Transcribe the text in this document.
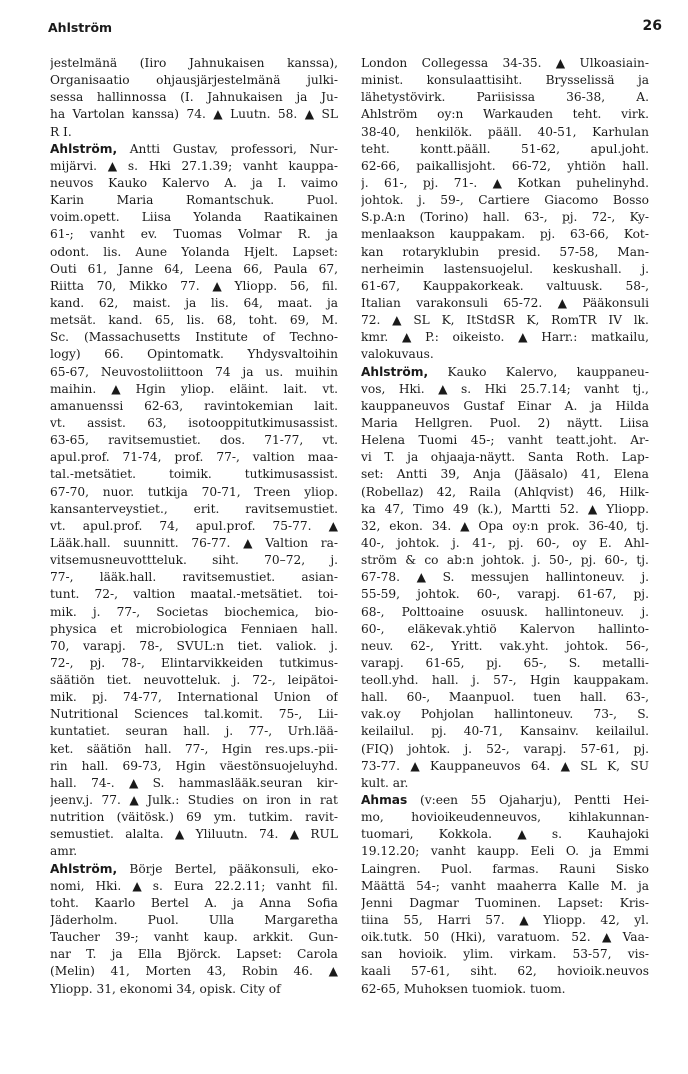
Ahlström	26
jestelmänä (Iiro Jahnukaisen kanssa),
Organisaatio ohjausjärjestelmänä julki-
sessa hallinnossa (I. Jahnukaisen ja Ju-
ha Vartolan kanssa) 74. ▲ Luutn. 58. ▲ SL
R I.
Ahlström, Antti Gustav, professori, Nur-
mijärvi. ▲ s. Hki 27.1.39; vanht kauppa-
neuvos Kauko Kalervo A. ja I. vaimo
Karin	Maria	Romantschuk.	Puol.
voim.opett. Liisa Yolanda Raatikainen
61-; vanht ev. Tuomas Volmar R. ja
odont. lis. Aune Yolanda Hjelt. Lapset:
Outi 61, Janne 64, Leena 66, Paula 67,
Riitta 70, Mikko 77. ▲ Yliopp. 56, fil.
kand. 62, maist. ja lis. 64, maat. ja
metsät. kand. 65, lis. 68, toht. 69, M.
Sc. (Massachusetts Institute of Techno-
logy) 66. Opintomatk. Yhdysvaltoihin
65-67, Neuvostoliittoon 74 ja us. muihin
maihin. ▲ Hgin yliop. eläint. lait. vt.
amanuenssi 62-63, ravintokemian lait.
vt. assist. 63, isotooppitutkimusassist.
63-65, ravitsemustiet. dos. 71-77, vt.
apul.prof. 71-74, prof. 77-, valtion maa-
tal.-metsätiet.	toimik.	tutkimusassist.
67-70, nuor. tutkija 70-71, Treen yliop.
kansanterveystiet., erit. ravitsemustiet.
vt. apul.prof. 74, apul.prof. 75-77. ▲
Lääk.hall. suunnitt. 76-77. ▲ Valtion ra-
vitsemusneuvottteluk. siht. 70–72, j.
77-, lääk.hall. ravitsemustiet. asian-
tunt. 72-, valtion maatal.-metsätiet. toi-
mik. j. 77-, Societas biochemica, bio-
physica et microbiologica Fenniaen hall.
70, varapj. 78-, SVUL:n tiet. valiok. j.
72-, pj. 78-, Elintarvikkeiden tutkimus-
säätiön tiet. neuvotteluk. j. 72-, leipätoi-
mik. pj. 74-77, International Union of
Nutritional Sciences tal.komit. 75-, Lii-
kuntatiet. seuran hall. j. 77-, Urh.lää-
ket. säätiön hall. 77-, Hgin res.ups.-pii-
rin hall. 69-73, Hgin väestönsuojeluyhd.
hall. 74-. ▲ S. hammaslääk.seuran kir-
jeenv.j. 77. ▲ Julk.: Studies on iron in rat
nutrition (väitösk.) 69 ym. tutkim. ravit-
semustiet. alalta. ▲ Yliluutn. 74. ▲ RUL
amr.
Ahlström, Börje Bertel, pääkonsuli, eko-
nomi, Hki. ▲ s. Eura 22.2.11; vanht fil.
toht. Kaarlo Bertel A. ja Anna Sofia
Jäderholm. Puol. Ulla Margaretha
Taucher 39-; vanht kaup. arkkit. Gun-
nar T. ja Ella Björck. Lapset: Carola
(Melin) 41, Morten 43, Robin 46. ▲
Yliopp. 31, ekonomi 34, opisk. City of
London Collegessa 34-35. ▲ Ulkoasiain-
minist. konsulaattisiht. Brysselissä ja
lähetystövirk.	Pariisissa	36-38,	A.
Ahlström oy:n Warkauden teht. virk.
38-40, henkilök. pääll. 40-51, Karhulan
teht.	kontt.pääll.	51-62,	apul.joht.
62-66, paikallisjoht. 66-72, yhtiön hall.
j. 61-, pj. 71-. ▲ Kotkan puhelinyhd.
johtok. j. 59-, Cartiere Giacomo Bosso
S.p.A:n (Torino) hall. 63-, pj. 72-, Ky-
menlaakson kauppakam. pj. 63-66, Kot-
kan rotaryklubin presid. 57-58, Man-
nerheimin lastensuojelul. keskushall. j.
61-67, Kauppakorkeak. valtuusk. 58-,
Italian varakonsuli 65-72. ▲ Pääkonsuli
72. ▲ SL K, ItStdSR K, RomTR IV lk.
kmr. ▲ P.: oikeisto. ▲ Harr.: matkailu,
valokuvaus.
Ahlström, Kauko Kalervo, kauppaneu-
vos, Hki. ▲ s. Hki 25.7.14; vanht tj.,
kauppaneuvos Gustaf Einar A. ja Hilda
Maria Hellgren. Puol. 2) näytt. Liisa
Helena Tuomi 45-; vanht teatt.joht. Ar-
vi T. ja ohjaaja-näytt. Santa Roth. Lap-
set: Antti 39, Anja (Jääsalo) 41, Elena
(Robellaz) 42, Raila (Ahlqvist) 46, Hilk-
ka 47, Timo 49 (k.), Martti 52. ▲ Yliopp.
32, ekon. 34. ▲ Opa oy:n prok. 36-40, tj.
40-, johtok. j. 41-, pj. 60-, oy E. Ahl-
ström & co ab:n johtok. j. 50-, pj. 60-, tj.
67-78. ▲ S. messujen hallintoneuv. j.
55-59, johtok. 60-, varapj. 61-67, pj.
68-, Polttoaine osuusk. hallintoneuv. j.
60-, eläkevak.yhtiö Kalervon hallinto-
neuv. 62-, Yritt. vak.yht. johtok. 56-,
varapj. 61-65, pj. 65-, S. metalli-
teoll.yhd. hall. j. 57-, Hgin kauppakam.
hall. 60-, Maanpuol. tuen hall. 63-,
vak.oy Pohjolan hallintoneuv. 73-, S.
keilailul. pj. 40-71, Kansainv. keilailul.
(FIQ) johtok. j. 52-, varapj. 57-61, pj.
73-77. ▲ Kauppaneuvos 64. ▲ SL K, SU
kult. ar.
Ahmas (v:een 55 Ojaharju), Pentti Hei-
mo, hovioikeudenneuvos, kihlakunnan-
tuomari, Kokkola. ▲ s. Kauhajoki
19.12.20; vanht kaupp. Eeli O. ja Emmi
Laingren. Puol. farmas. Rauni Sisko
Määttä 54-; vanht maaherra Kalle M. ja
Jenni Dagmar Tuominen. Lapset: Kris-
tiina 55, Harri 57. ▲ Yliopp. 42, yl.
oik.tutk. 50 (Hki), varatuom. 52. ▲ Vaa-
san hovioik. ylim. virkam. 53-57, vis-
kaali 57-61, siht. 62, hovioik.neuvos
62-65, Muhoksen tuomiok. tuom.
